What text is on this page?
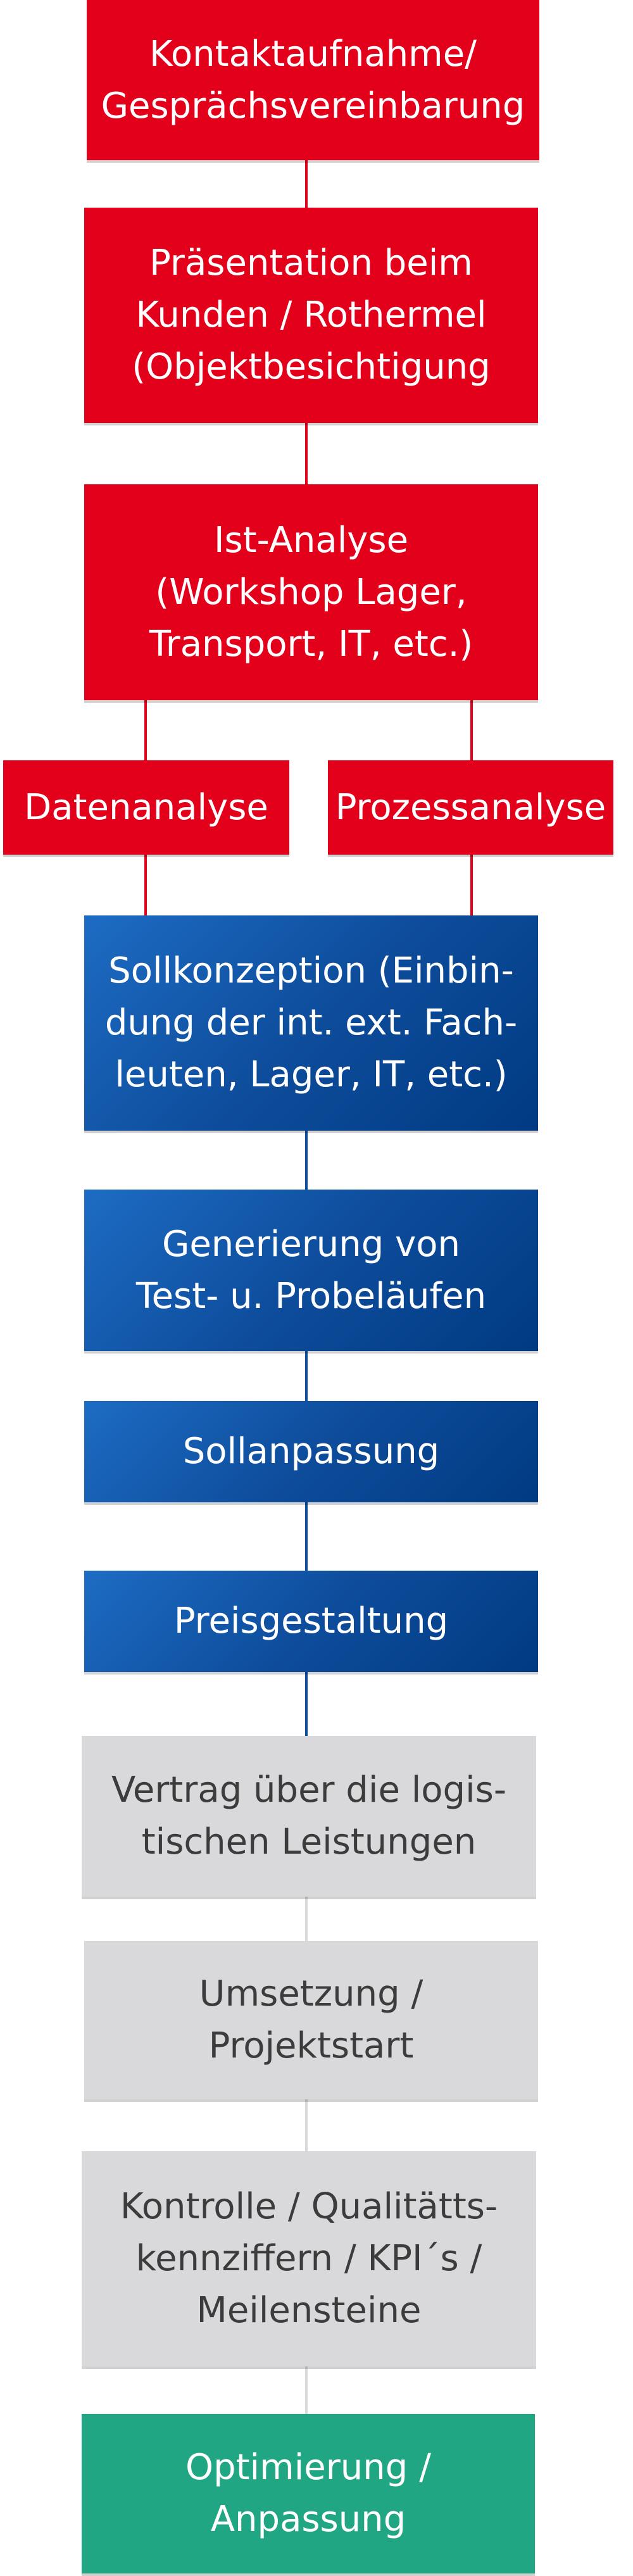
Kontaktaufnahme/
Gesprächsvereinbarung
Präsentation beim
Kunden / Rothermel
(Objektbesichtigung
Ist-Analyse
(Workshop Lager,
Transport, IT, etc.)
Datenanalyse	Prozessanalyse
Sollkonzeption (Einbin-
dung der int. ext. Fach-
leuten, Lager, IT, etc.)
Generierung von
Test- u. Probeläufen
Sollanpassung
Preisgestaltung
Vertrag über die logis-
tischen Leistungen
Umsetzung /
Projektstart
Kontrolle / Qualitätts-
kennziffern / KPI´s /
Meilensteine
Optimierung /
Anpassung
